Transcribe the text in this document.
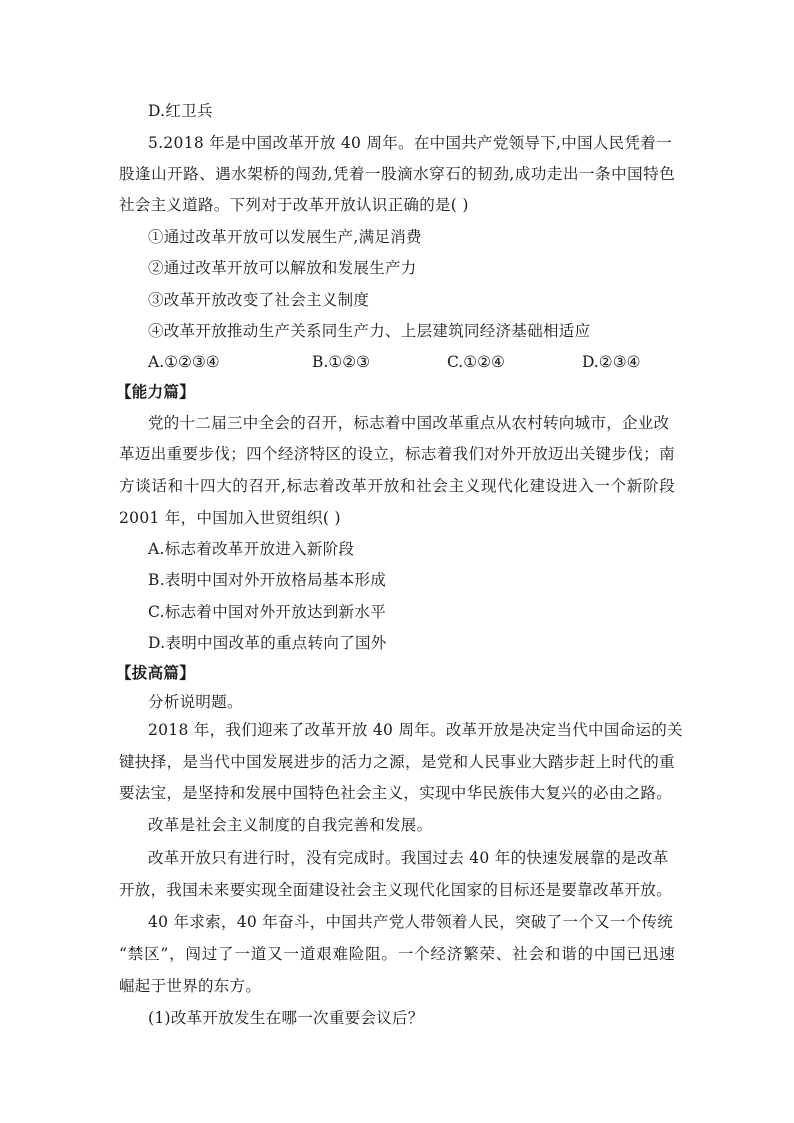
D.红卫兵
5.2018 年是中国改革开放 40 周年。在中国共产党领导下,中国人民凭着一
股逢山开路、遇水架桥的闯劲,凭着一股滴水穿石的韧劲,成功走出一条中国特色
社会主义道路。下列对于改革开放认识正确的是( )
①通过改革开放可以发展生产,满足消费
②通过改革开放可以解放和发展生产力
③改革开放改变了社会主义制度
④改革开放推动生产关系同生产力、上层建筑同经济基础相适应
A.①②③④	B.①②③	C.①②④	D.②③④
【能力篇】
党的十二届三中全会的召开，标志着中国改革重点从农村转向城市，企业改
革迈出重要步伐；四个经济特区的设立，标志着我们对外开放迈出关键步伐；南
方谈话和十四大的召开,标志着改革开放和社会主义现代化建设进入一个新阶段
2001 年，中国加入世贸组织( )
A.标志着改革开放进入新阶段
B.表明中国对外开放格局基本形成
C.标志着中国对外开放达到新水平
D.表明中国改革的重点转向了国外
【拔高篇】
分析说明题。
2018 年，我们迎来了改革开放 40 周年。改革开放是决定当代中国命运的关
键抉择，是当代中国发展进步的活力之源，是党和人民事业大踏步赶上时代的重
要法宝，是坚持和发展中国特色社会主义，实现中华民族伟大复兴的必由之路。
改革是社会主义制度的自我完善和发展。
改革开放只有进行时，没有完成时。我国过去 40 年的快速发展靠的是改革
开放，我国未来要实现全面建设社会主义现代化国家的目标还是要靠改革开放。
40 年求索，40 年奋斗，中国共产党人带领着人民，突破了一个又一个传统
“禁区”，闯过了一道又一道艰难险阻。一个经济繁荣、社会和谐的中国已迅速
崛起于世界的东方。
(1)改革开放发生在哪一次重要会议后？
